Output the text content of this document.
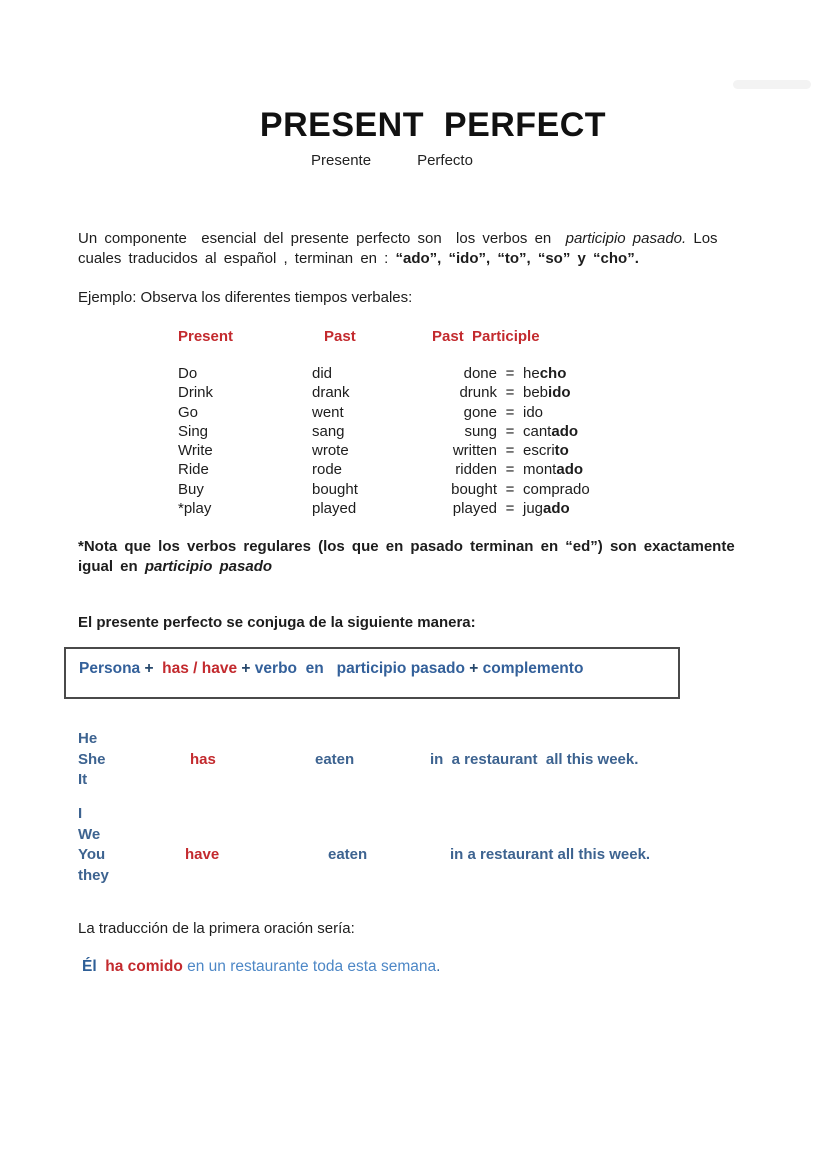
PRESENT  PERFECT
Presente	Perfecto
Un componente  esencial del presente perfecto son  los verbos en  participio pasado. Los
cuales traducidos al español , terminan en : “ado”, “ido”, “to”, “so” y “cho”.
Ejemplo: Observa los diferentes tiempos verbales:
Present	Past	Past  Participle
Do	did	done = hecho
Drink	drank	drunk = bebido
Go	went	gone = ido
Sing	sang	sung = cantado
Write	wrote	written = escrito
Ride	rode	ridden = montado
Buy	bought	bought = comprado
*play	played	played = jugado
*Nota que los verbos regulares (los que en pasado terminan en “ed”) son exactamente
igual en participio pasado
El presente perfecto se conjuga de la siguiente manera:
Persona +  has / have + verbo  en   participio pasado + complemento
He
She
It
has	eaten	in  a restaurant  all this week.
I
We
You
they
have	eaten	in a restaurant all this week.
La traducción de la primera oración sería:
Él ha comido en un restaurante toda esta semana.
